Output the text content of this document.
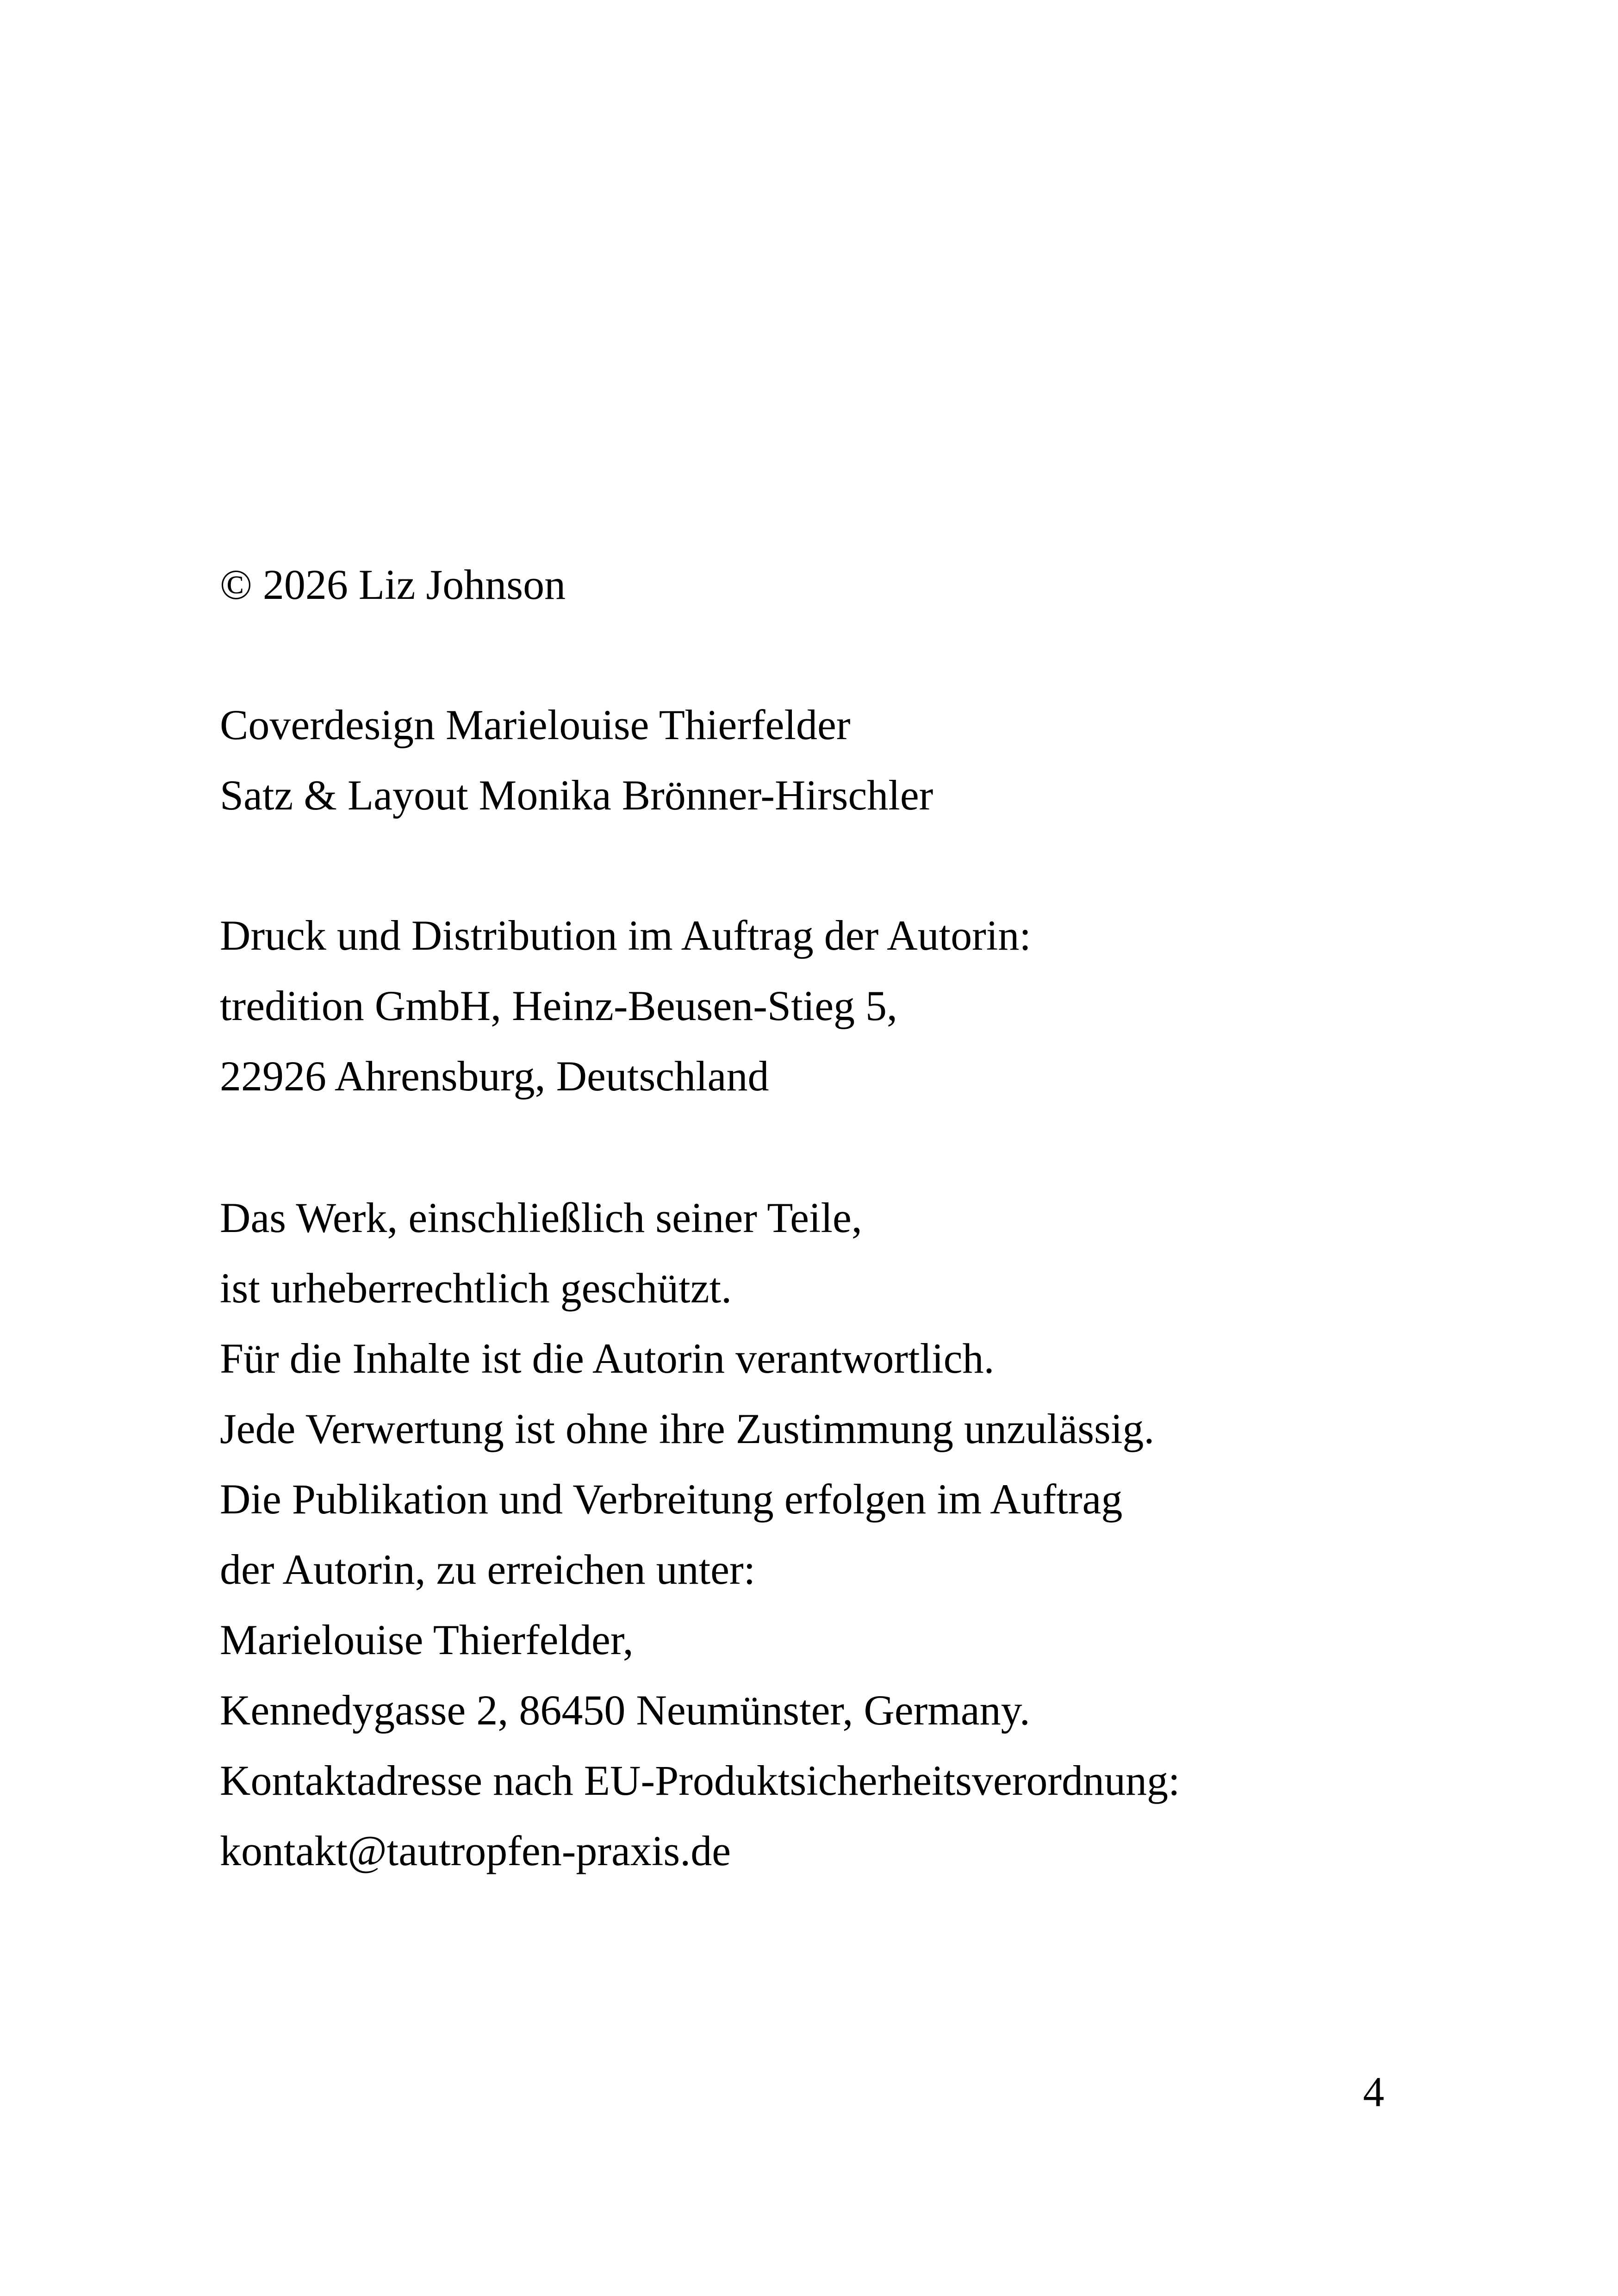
© 2026 Liz Johnson
Coverdesign Marielouise Thierfelder
Satz & Layout Monika Brönner-Hirschler
Druck und Distribution im Auftrag der Autorin:
tredition GmbH, Heinz-Beusen-Stieg 5,
22926 Ahrensburg, Deutschland
Das Werk, einschließlich seiner Teile,
ist urheberrechtlich geschützt.
Für die Inhalte ist die Autorin verantwortlich.
Jede Verwertung ist ohne ihre Zustimmung unzulässig.
Die Publikation und Verbreitung erfolgen im Auftrag
der Autorin, zu erreichen unter:
Marielouise Thierfelder,
Kennedygasse 2, 86450 Neumünster, Germany.
Kontaktadresse nach EU-Produktsicherheitsverordnung:
kontakt@tautropfen-praxis.de
4
